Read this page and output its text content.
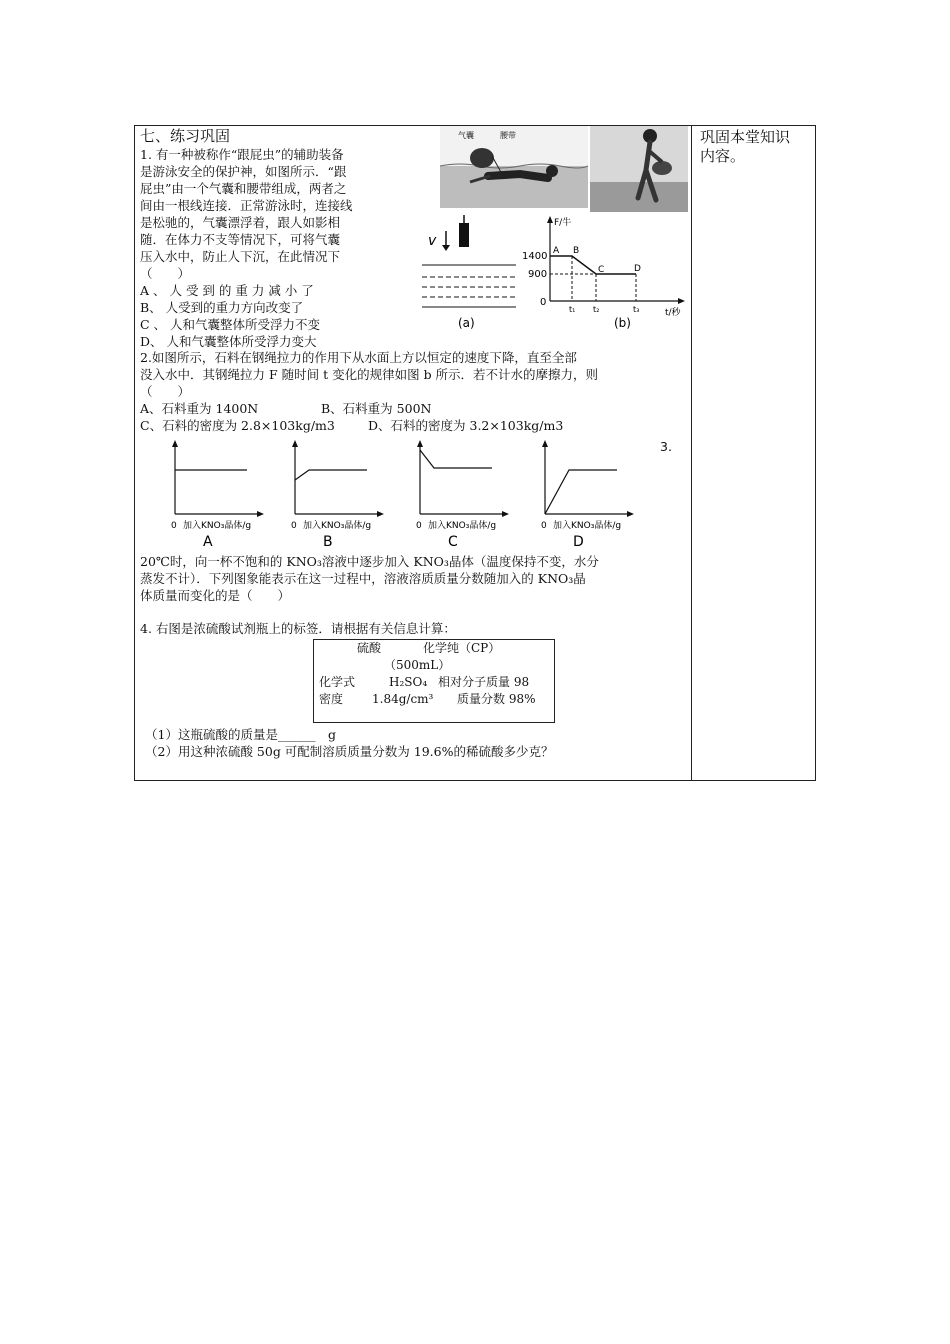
巩固本堂知识
内容。
七、练习巩固
1. 有一种被称作“跟屁虫”的辅助装备
是游泳安全的保护神，如图所示．“跟
屁虫”由一个气囊和腰带组成，两者之
间由一根线连接．正常游泳时，连接线
是松驰的，气囊漂浮着，跟人如影相
随．在体力不支等情况下，可将气囊
压入水中，防止人下沉，在此情况下
（　　）
A 、 人 受 到 的 重 力 减 小 了
B、 人受到的重力方向改变了
C 、 人和气囊整体所受浮力不变
D、 人和气囊整体所受浮力变大
气囊	腰带
v
(a)
F/牛
t/秒
1400
900
0
A B
C	D
t₁ t₂	t₃
(b)
2.如图所示，石料在钢绳拉力的作用下从水面上方以恒定的速度下降，直至全部
没入水中．其钢绳拉力 F 随时间 t 变化的规律如图 b 所示．若不计水的摩擦力，则
（　　）
A、石料重为 1400N	B、石料重为 500N
C、石料的密度为 2.8×103kg/m3	D、石料的密度为 3.2×103kg/m3
3.
0 加入KNO₃晶体/g
A
0 加入KNO₃晶体/g
B
0 加入KNO₃晶体/g
C
0 加入KNO₃晶体/g
D
20℃时，向一杯不饱和的 KNO₃溶液中逐步加入 KNO₃晶体（温度保持不变，水分
蒸发不计）．下列图象能表示在这一过程中，溶液溶质质量分数随加入的 KNO₃晶
体质量而变化的是（　　）
4. 右图是浓硫酸试剂瓶上的标签．请根据有关信息计算：
硫酸	化学纯（CP）
（500mL）
化学式	H₂SO₄ 相对分子质量 98
密度 1.84g/cm³ 质量分数 98%
（1）这瓶硫酸的质量是______　g
（2）用这种浓硫酸 50g 可配制溶质质量分数为 19.6%的稀硫酸多少克？
